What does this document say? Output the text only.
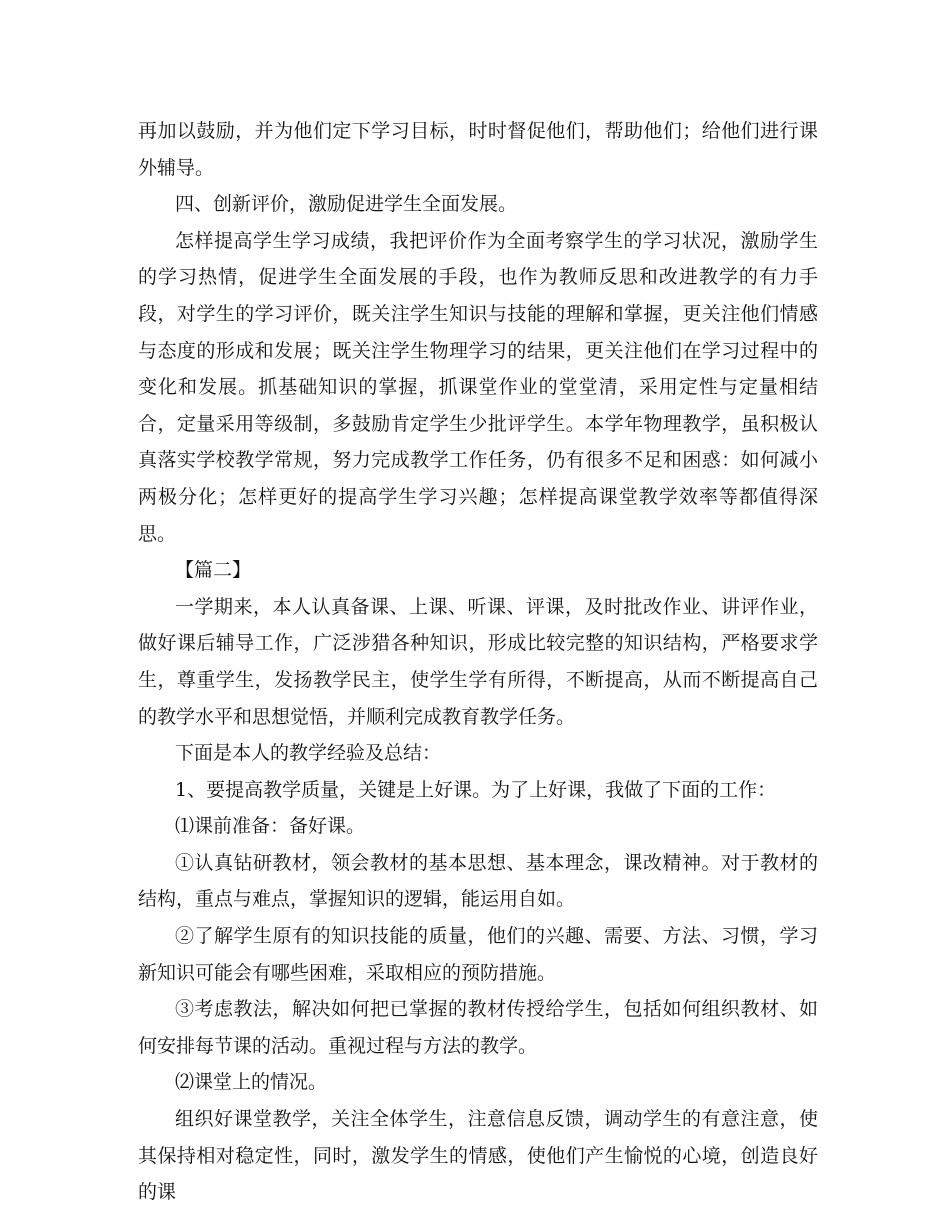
再加以鼓励，并为他们定下学习目标，时时督促他们，帮助他们；给他们进行课外辅导。

四、创新评价，激励促进学生全面发展。

怎样提高学生学习成绩，我把评价作为全面考察学生的学习状况，激励学生的学习热情，促进学生全面发展的手段，也作为教师反思和改进教学的有力手段，对学生的学习评价，既关注学生知识与技能的理解和掌握，更关注他们情感与态度的形成和发展；既关注学生物理学习的结果，更关注他们在学习过程中的变化和发展。抓基础知识的掌握，抓课堂作业的堂堂清，采用定性与定量相结合，定量采用等级制，多鼓励肯定学生少批评学生。本学年物理教学，虽积极认真落实学校教学常规，努力完成教学工作任务，仍有很多不足和困惑：如何减小两极分化；怎样更好的提高学生学习兴趣；怎样提高课堂教学效率等都值得深思。

【篇二】

一学期来，本人认真备课、上课、听课、评课，及时批改作业、讲评作业，做好课后辅导工作，广泛涉猎各种知识，形成比较完整的知识结构，严格要求学生，尊重学生，发扬教学民主，使学生学有所得，不断提高，从而不断提高自己的教学水平和思想觉悟，并顺利完成教育教学任务。

下面是本人的教学经验及总结：

1、要提高教学质量，关键是上好课。为了上好课，我做了下面的工作：

⑴课前准备：备好课。

①认真钻研教材，领会教材的基本思想、基本理念，课改精神。对于教材的结构，重点与难点，掌握知识的逻辑，能运用自如。

②了解学生原有的知识技能的质量，他们的兴趣、需要、方法、习惯，学习新知识可能会有哪些困难，采取相应的预防措施。

③考虑教法，解决如何把已掌握的教材传授给学生，包括如何组织教材、如何安排每节课的活动。重视过程与方法的教学。

⑵课堂上的情况。

组织好课堂教学，关注全体学生，注意信息反馈，调动学生的有意注意，使其保持相对稳定性，同时，激发学生的情感，使他们产生愉悦的心境，创造良好的课
